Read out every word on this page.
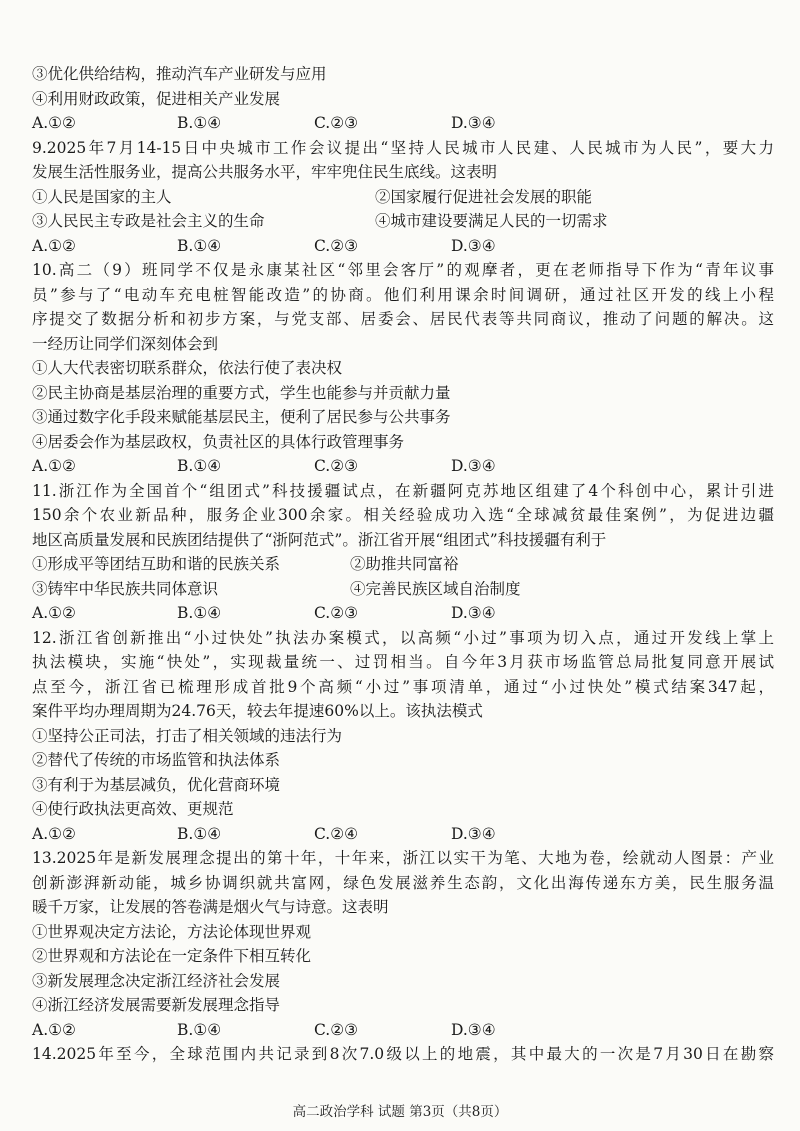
③优化供给结构，推动汽车产业研发与应用
④利用财政政策，促进相关产业发展
A.①②	B.①④	C.②③	D.③④
9.2025年7月14-15日中央城市工作会议提出“坚持人民城市人民建、人民城市为人民”，要大力
发展生活性服务业，提高公共服务水平，牢牢兜住民生底线。这表明
①人民是国家的主人	②国家履行促进社会发展的职能
③人民民主专政是社会主义的生命	④城市建设要满足人民的一切需求
A.①②	B.①④	C.②③	D.③④
10.高二（9）班同学不仅是永康某社区“邻里会客厅”的观摩者，更在老师指导下作为“青年议事
员”参与了“电动车充电桩智能改造”的协商。他们利用课余时间调研，通过社区开发的线上小程
序提交了数据分析和初步方案，与党支部、居委会、居民代表等共同商议，推动了问题的解决。这
一经历让同学们深刻体会到
①人大代表密切联系群众，依法行使了表决权
②民主协商是基层治理的重要方式，学生也能参与并贡献力量
③通过数字化手段来赋能基层民主，便利了居民参与公共事务
④居委会作为基层政权，负责社区的具体行政管理事务
A.①②	B.①④	C.②③	D.③④
11.浙江作为全国首个“组团式”科技援疆试点，在新疆阿克苏地区组建了4个科创中心，累计引进
150余个农业新品种，服务企业300余家。相关经验成功入选“全球减贫最佳案例”，为促进边疆
地区高质量发展和民族团结提供了“浙阿范式”。浙江省开展“组团式”科技援疆有利于
①形成平等团结互助和谐的民族关系	②助推共同富裕
③铸牢中华民族共同体意识	④完善民族区域自治制度
A.①②	B.①④	C.②③	D.③④
12.浙江省创新推出“小过快处”执法办案模式，以高频“小过”事项为切入点，通过开发线上掌上
执法模块，实施“快处”，实现裁量统一、过罚相当。自今年3月获市场监管总局批复同意开展试
点至今，浙江省已梳理形成首批9个高频“小过”事项清单，通过“小过快处”模式结案347起，
案件平均办理周期为24.76天，较去年提速60%以上。该执法模式
①坚持公正司法，打击了相关领域的违法行为
②替代了传统的市场监管和执法体系
③有利于为基层减负，优化营商环境
④使行政执法更高效、更规范
A.①②	B.①④	C.②④	D.③④
13.2025年是新发展理念提出的第十年，十年来，浙江以实干为笔、大地为卷，绘就动人图景：产业
创新澎湃新动能，城乡协调织就共富网，绿色发展滋养生态韵，文化出海传递东方美，民生服务温
暖千万家，让发展的答卷满是烟火气与诗意。这表明
①世界观决定方法论，方法论体现世界观
②世界观和方法论在一定条件下相互转化
③新发展理念决定浙江经济社会发展
④浙江经济发展需要新发展理念指导
A.①②	B.①④	C.②③	D.③④
14.2025年至今，全球范围内共记录到8次7.0级以上的地震，其中最大的一次是7月30日在勘察
高二政治学科 试题 第3页（共8页）
